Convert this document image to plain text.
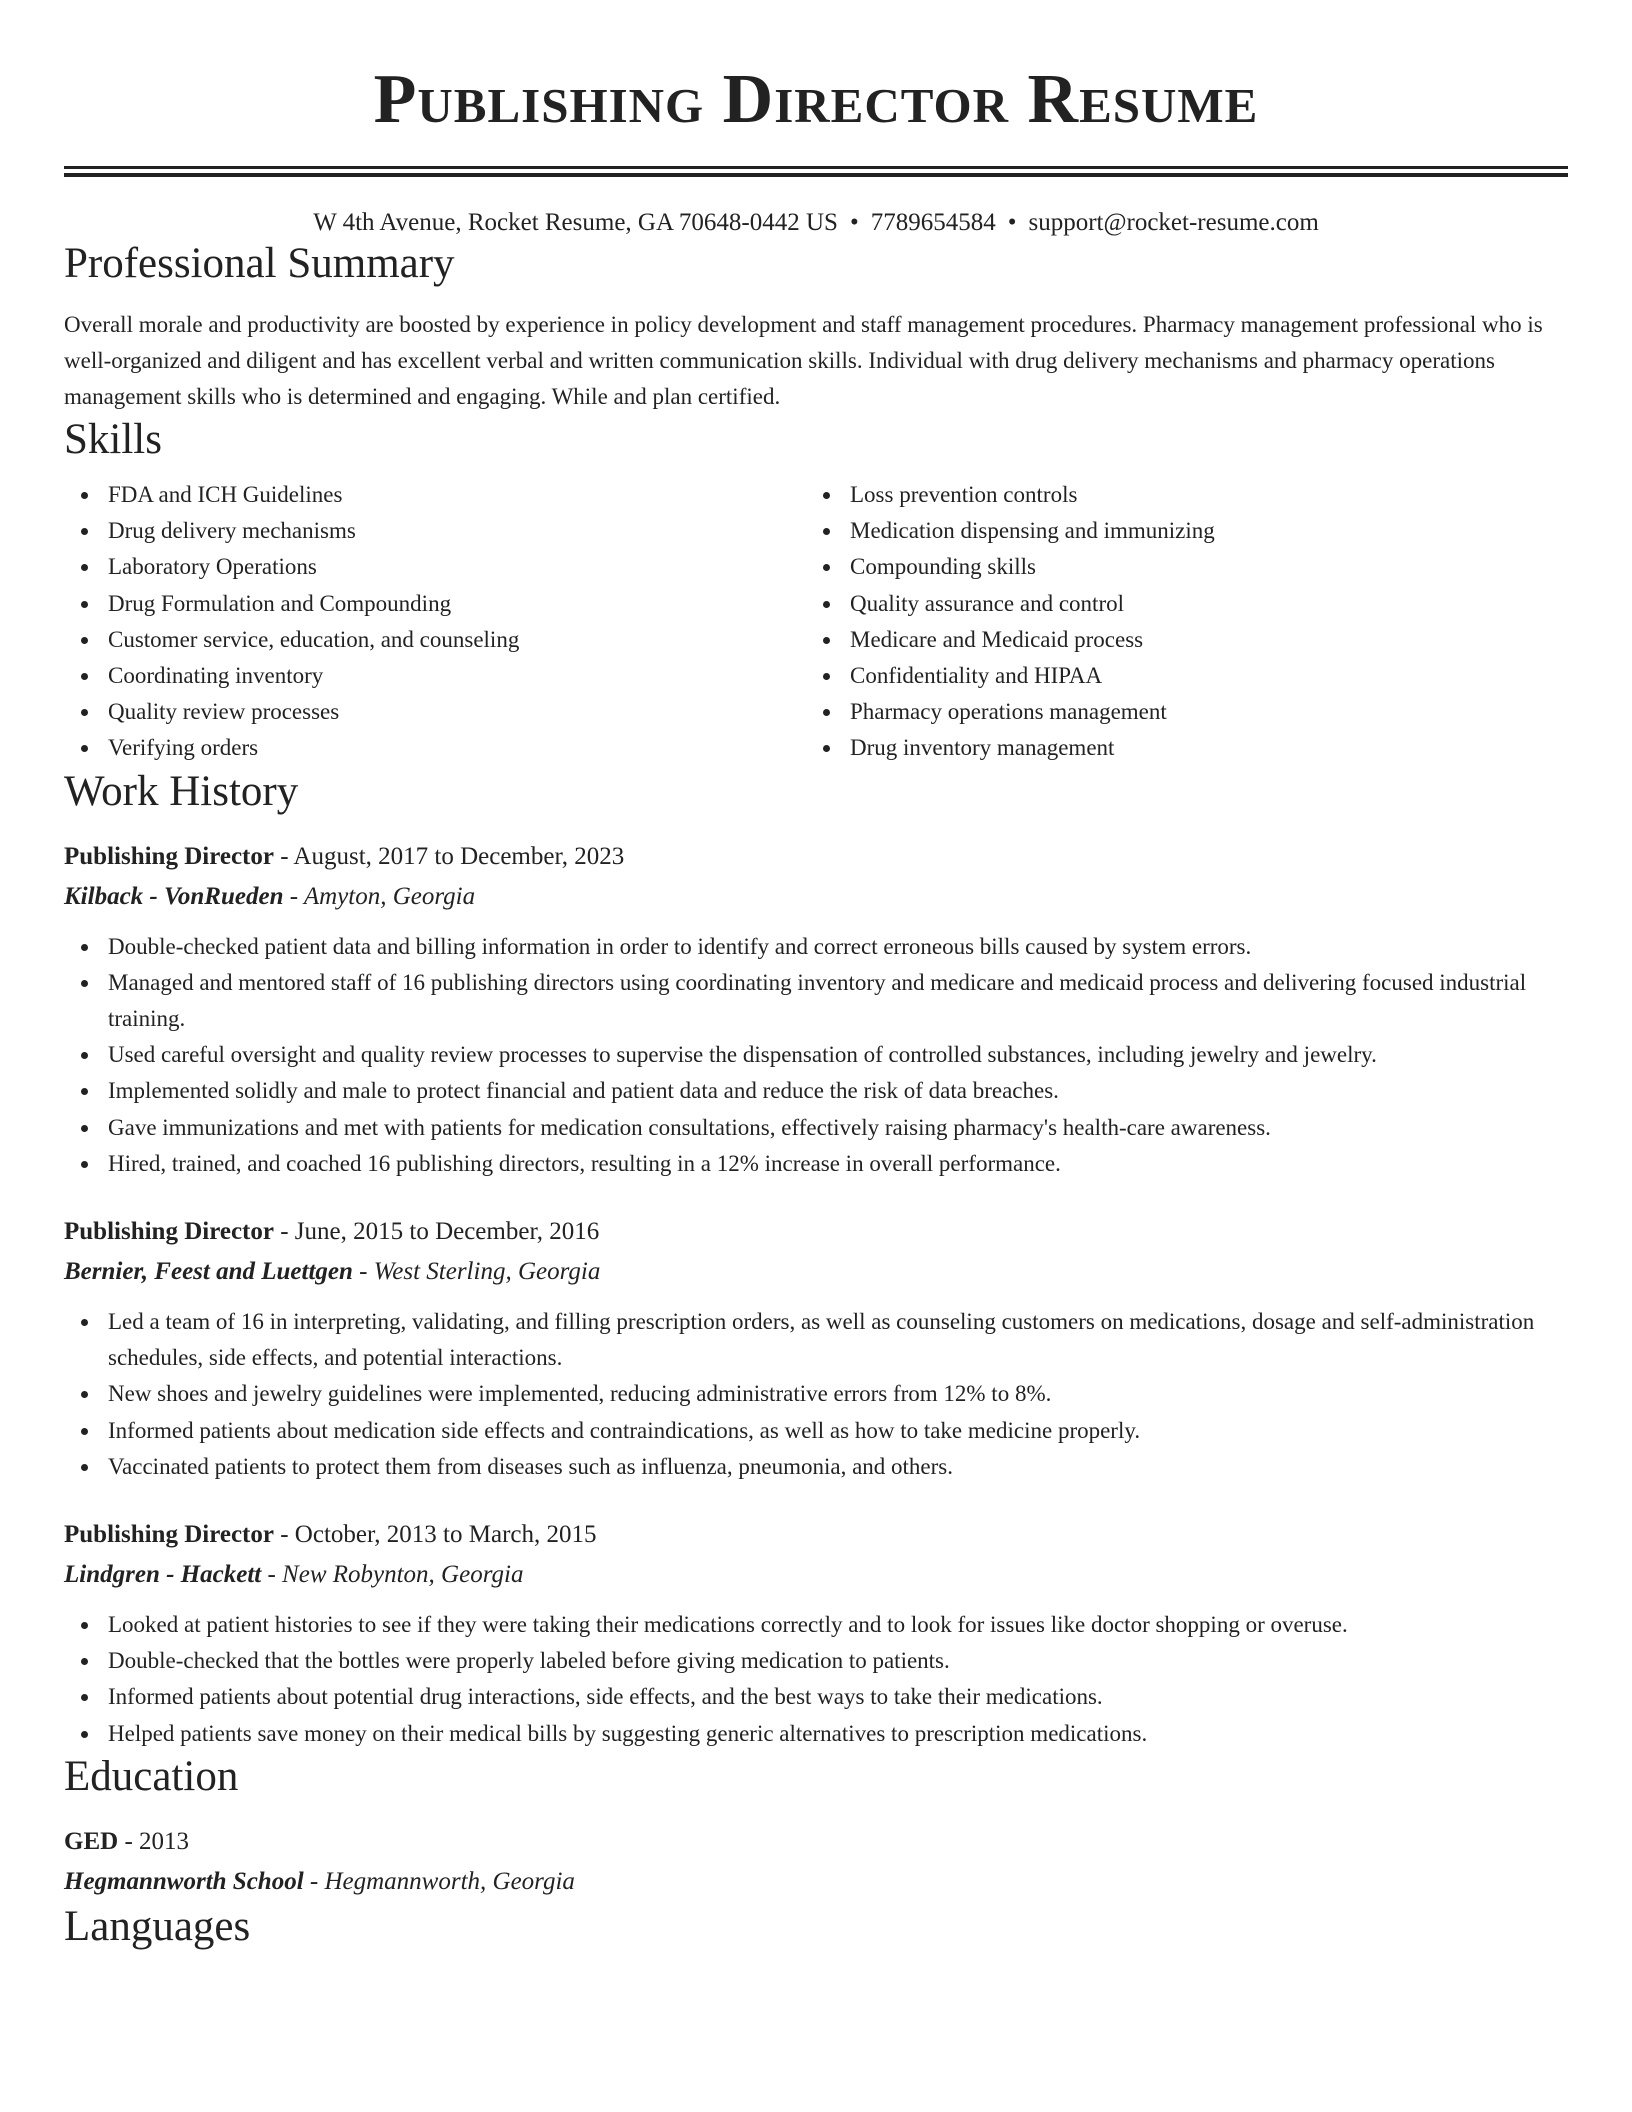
Publishing Director Resume
W 4th Avenue, Rocket Resume, GA 70648-0442 US • 7789654584 • support@rocket-resume.com
Professional Summary
Overall morale and productivity are boosted by experience in policy development and staff management procedures. Pharmacy management professional who is well-organized and diligent and has excellent verbal and written communication skills. Individual with drug delivery mechanisms and pharmacy operations management skills who is determined and engaging. While and plan certified.
Skills
FDA and ICH Guidelines
Drug delivery mechanisms
Laboratory Operations
Drug Formulation and Compounding
Customer service, education, and counseling
Coordinating inventory
Quality review processes
Verifying orders
Loss prevention controls
Medication dispensing and immunizing
Compounding skills
Quality assurance and control
Medicare and Medicaid process
Confidentiality and HIPAA
Pharmacy operations management
Drug inventory management
Work History
Publishing Director - August, 2017 to December, 2023
Kilback - VonRueden - Amyton, Georgia
Double-checked patient data and billing information in order to identify and correct erroneous bills caused by system errors.
Managed and mentored staff of 16 publishing directors using coordinating inventory and medicare and medicaid process and delivering focused industrial training.
Used careful oversight and quality review processes to supervise the dispensation of controlled substances, including jewelry and jewelry.
Implemented solidly and male to protect financial and patient data and reduce the risk of data breaches.
Gave immunizations and met with patients for medication consultations, effectively raising pharmacy's health-care awareness.
Hired, trained, and coached 16 publishing directors, resulting in a 12% increase in overall performance.
Publishing Director - June, 2015 to December, 2016
Bernier, Feest and Luettgen - West Sterling, Georgia
Led a team of 16 in interpreting, validating, and filling prescription orders, as well as counseling customers on medications, dosage and self-administration schedules, side effects, and potential interactions.
New shoes and jewelry guidelines were implemented, reducing administrative errors from 12% to 8%.
Informed patients about medication side effects and contraindications, as well as how to take medicine properly.
Vaccinated patients to protect them from diseases such as influenza, pneumonia, and others.
Publishing Director - October, 2013 to March, 2015
Lindgren - Hackett - New Robynton, Georgia
Looked at patient histories to see if they were taking their medications correctly and to look for issues like doctor shopping or overuse.
Double-checked that the bottles were properly labeled before giving medication to patients.
Informed patients about potential drug interactions, side effects, and the best ways to take their medications.
Helped patients save money on their medical bills by suggesting generic alternatives to prescription medications.
Education
GED - 2013
Hegmannworth School - Hegmannworth, Georgia
Languages
